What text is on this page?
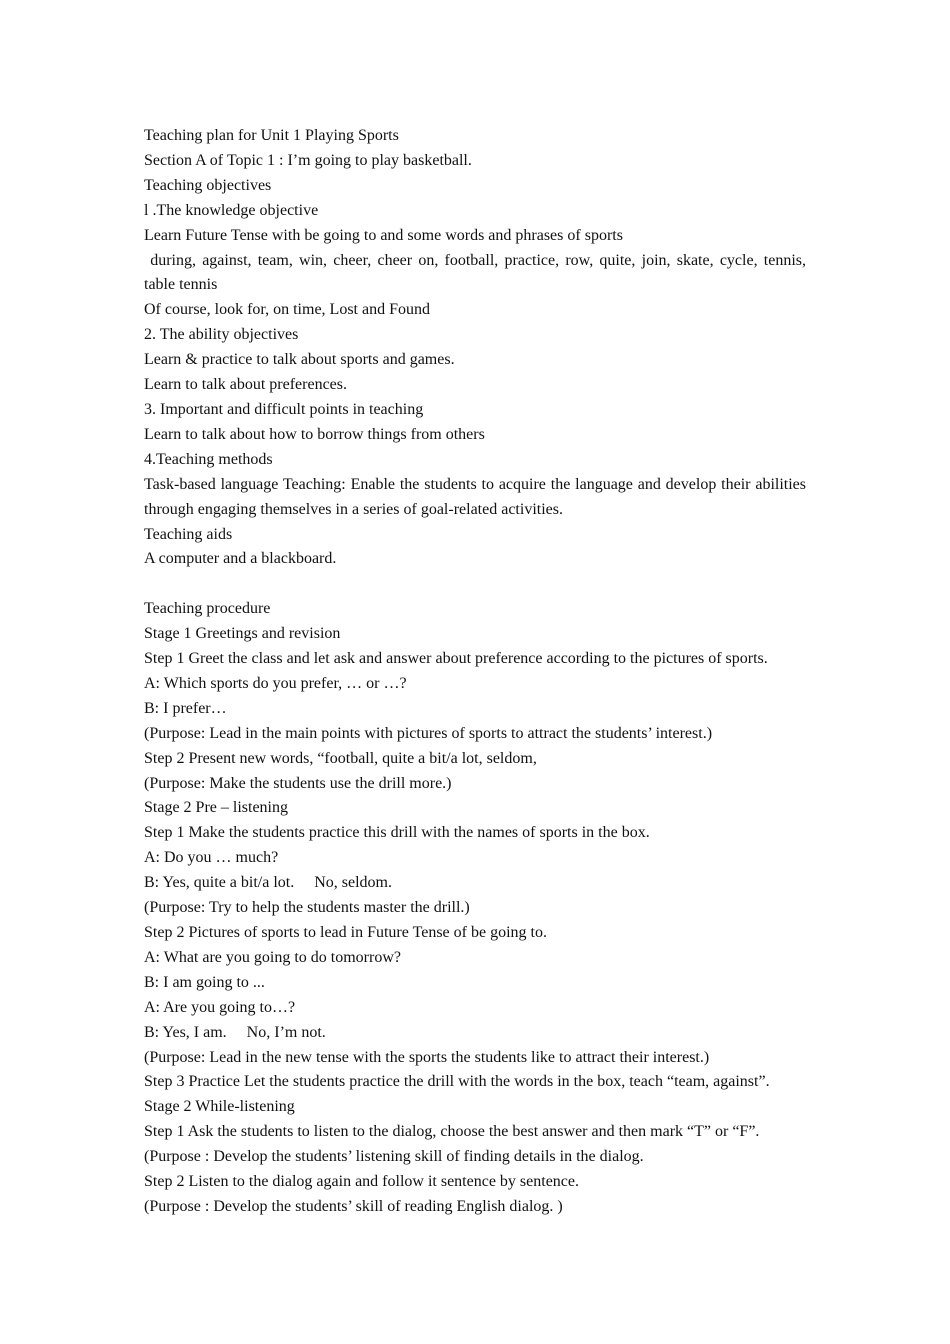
Teaching plan for Unit 1 Playing Sports
Section A of Topic 1 : I’m going to play basketball.
Teaching objectives
l .The knowledge objective
Learn Future Tense with be going to and some words and phrases of sports
during, against, team, win, cheer, cheer on, football, practice, row, quite, join, skate, cycle, tennis, table tennis
Of course, look for, on time, Lost and Found
2. The ability objectives
Learn & practice to talk about sports and games.
Learn to talk about preferences.
3. Important and difficult points in teaching
Learn to talk about how to borrow things from others
4.Teaching methods
Task-based language Teaching: Enable the students to acquire the language and develop their abilities through engaging themselves in a series of goal-related activities.
Teaching aids
A computer and a blackboard.
Teaching procedure
Stage 1 Greetings and revision
Step 1 Greet the class and let ask and answer about preference according to the pictures of sports.
A: Which sports do you prefer, … or …?
B: I prefer…
(Purpose: Lead in the main points with pictures of sports to attract the students’ interest.)
Step 2 Present new words, “football, quite a bit/a lot, seldom,
(Purpose: Make the students use the drill more.)
Stage 2 Pre – listening
Step 1 Make the students practice this drill with the names of sports in the box.
A: Do you … much?
B: Yes, quite a bit/a lot.     No, seldom.
(Purpose: Try to help the students master the drill.)
Step 2 Pictures of sports to lead in Future Tense of be going to.
A: What are you going to do tomorrow?
B: I am going to ...
A: Are you going to…?
B: Yes, I am.     No, I’m not.
(Purpose: Lead in the new tense with the sports the students like to attract their interest.)
Step 3 Practice Let the students practice the drill with the words in the box, teach “team, against”.
Stage 2 While-listening
Step 1 Ask the students to listen to the dialog, choose the best answer and then mark “T” or “F”.
(Purpose : Develop the students’ listening skill of finding details in the dialog.
Step 2 Listen to the dialog again and follow it sentence by sentence.
(Purpose : Develop the students’ skill of reading English dialog. )
